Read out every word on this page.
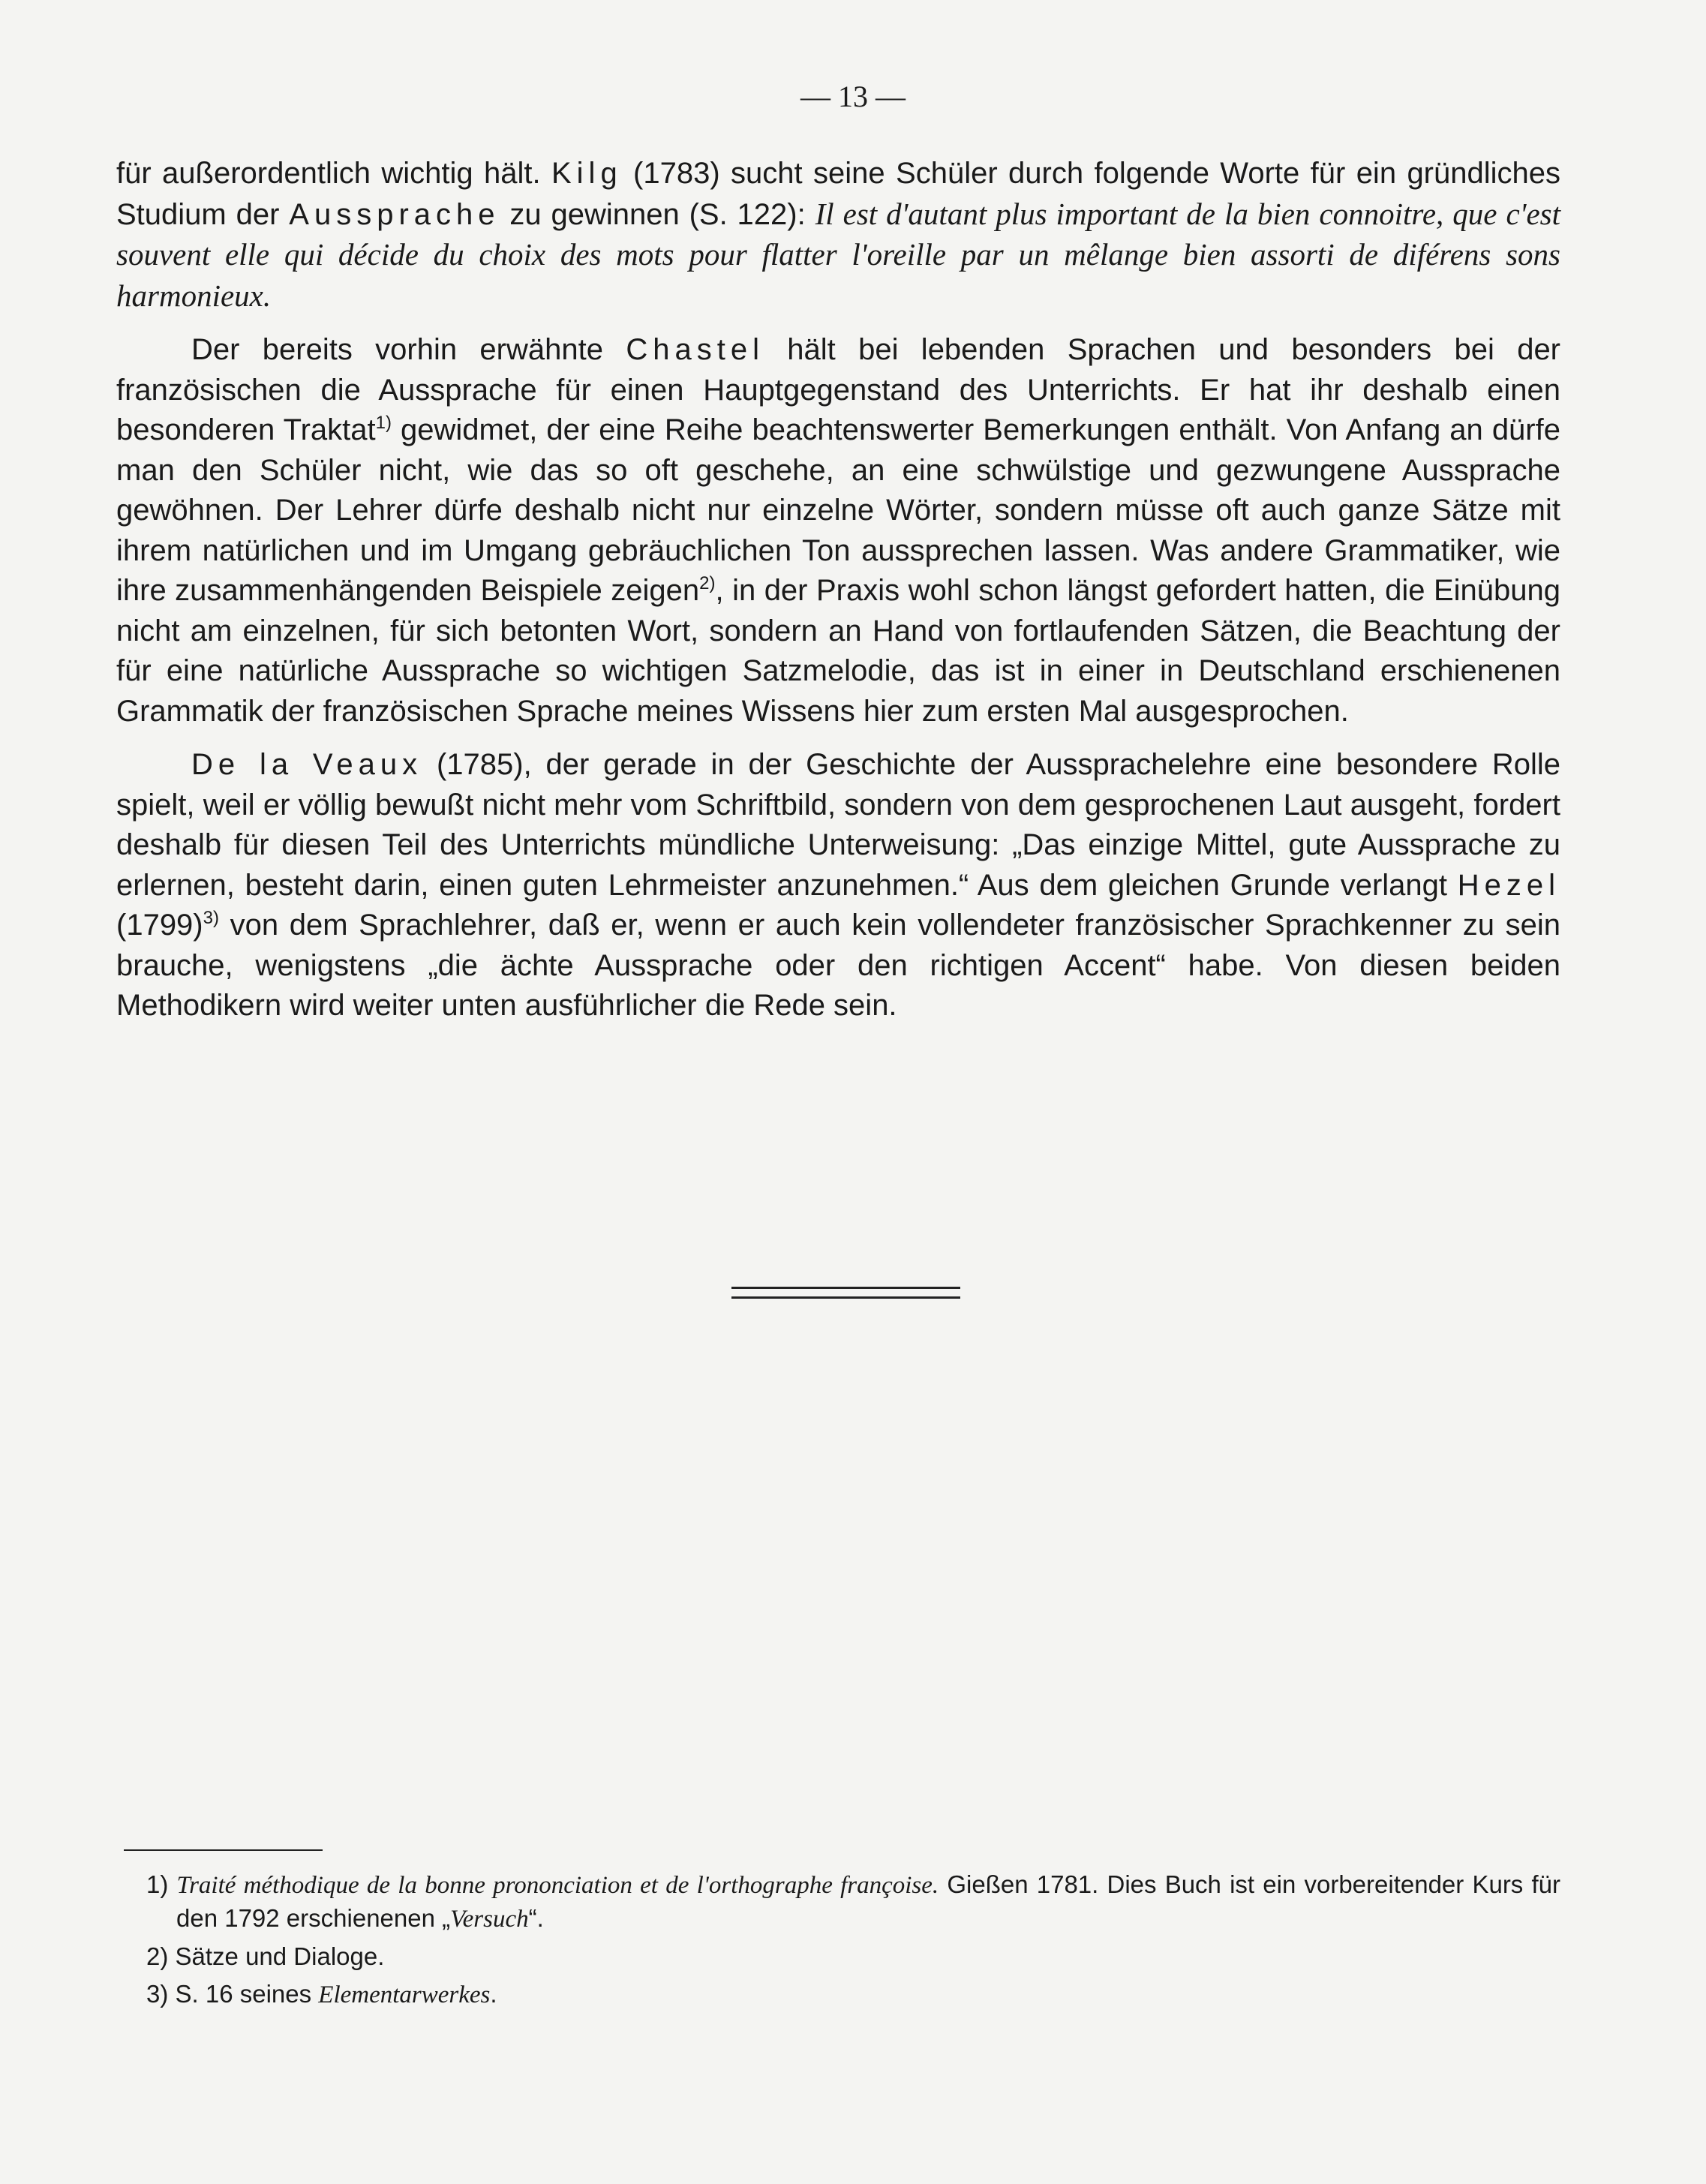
— 13 —

für außerordentlich wichtig hält. Kilg (1783) sucht seine Schüler durch folgende Worte für ein gründliches Studium der Aussprache zu gewinnen (S. 122): Il est d'autant plus important de la bien connoitre, que c'est souvent elle qui décide du choix des mots pour flatter l'oreille par un mêlange bien assorti de diférens sons harmonieux.

Der bereits vorhin erwähnte Chastel hält bei lebenden Sprachen und besonders bei der französischen die Aussprache für einen Hauptgegenstand des Unterrichts. Er hat ihr deshalb einen besonderen Traktat$^{1)}$ gewidmet, der eine Reihe beachtenswerter Bemerkungen enthält. Von Anfang an dürfe man den Schüler nicht, wie das so oft geschehe, an eine schwülstige und gezwungene Aussprache gewöhnen. Der Lehrer dürfe deshalb nicht nur einzelne Wörter, sondern müsse oft auch ganze Sätze mit ihrem natürlichen und im Umgang gebräuchlichen Ton aussprechen lassen. Was andere Grammatiker, wie ihre zusammenhängenden Beispiele zeigen$^{2)}$, in der Praxis wohl schon längst gefordert hatten, die Einübung nicht am einzelnen, für sich betonten Wort, sondern an Hand von fortlaufenden Sätzen, die Beachtung der für eine natürliche Aussprache so wichtigen Satzmelodie, das ist in einer in Deutschland erschienenen Grammatik der französischen Sprache meines Wissens hier zum ersten Mal ausgesprochen.

De la Veaux (1785), der gerade in der Geschichte der Aussprachelehre eine besondere Rolle spielt, weil er völlig bewußt nicht mehr vom Schriftbild, sondern von dem gesprochenen Laut ausgeht, fordert deshalb für diesen Teil des Unterrichts mündliche Unterweisung: „Das einzige Mittel, gute Aussprache zu erlernen, besteht darin, einen guten Lehrmeister anzunehmen.“ Aus dem gleichen Grunde verlangt Hezel $(1799)^{3)}$ von dem Sprachlehrer, daß er, wenn er auch kein vollendeter französischer Sprachkenner zu sein brauche, wenigstens „die ächte Aussprache oder den richtigen Accent“ habe. Von diesen beiden Methodikern wird weiter unten ausführlicher die Rede sein.

1) Traité méthodique de la bonne prononciation et de l'orthographe françoise. Gießen 1781. Dies Buch ist ein vorbereitender Kurs für den 1792 erschienenen „Versuch“.

2) Sätze und Dialoge.

3) S. 16 seines Elementarwerkes.
